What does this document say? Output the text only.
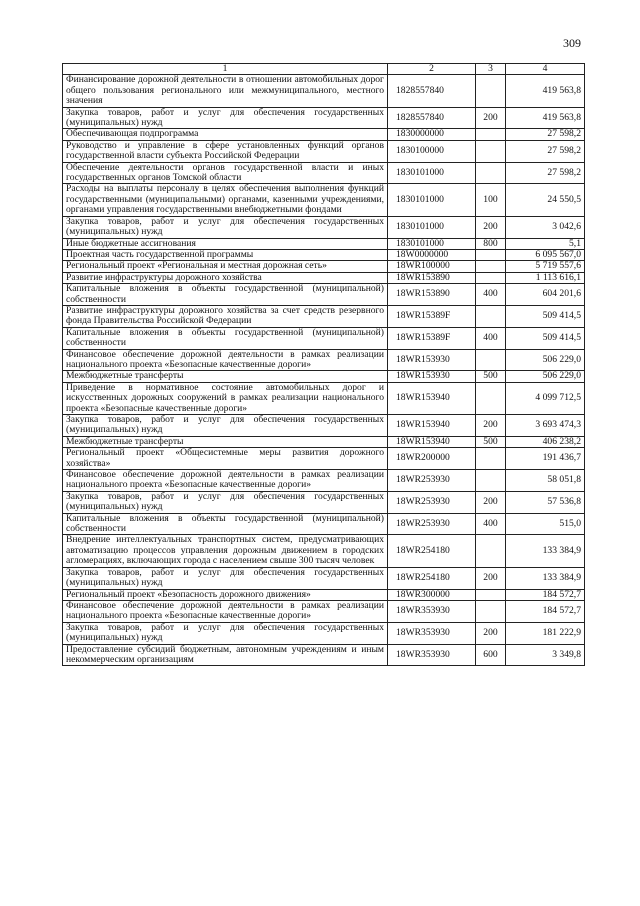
309
1	2	3	4
Финансирование дорожной деятельности в отношении автомобильных дорог общего пользования регионального или межмуниципального, местного значения	1828557840		419 563,8
Закупка товаров, работ и услуг для обеспечения государственных (муниципальных) нужд	1828557840	200	419 563,8
Обеспечивающая подпрограмма	1830000000		27 598,2
Руководство и управление в сфере установленных функций органов государственной власти субъекта Российской Федерации	1830100000		27 598,2
Обеспечение деятельности органов государственной власти и иных государственных органов Томской области	1830101000		27 598,2
Расходы на выплаты персоналу в целях обеспечения выполнения функций государственными (муниципальными) органами, казенными учреждениями, органами управления государственными внебюджетными фондами	1830101000	100	24 550,5
Закупка товаров, работ и услуг для обеспечения государственных (муниципальных) нужд	1830101000	200	3 042,6
Иные бюджетные ассигнования	1830101000	800	5,1
Проектная часть государственной программы	18W0000000		6 095 567,0
Региональный проект «Региональная и местная дорожная сеть»	18WR100000		5 719 557,6
Развитие инфраструктуры дорожного хозяйства	18WR153890		1 113 616,1
Капитальные вложения в объекты государственной (муниципальной) собственности	18WR153890	400	604 201,6
Развитие инфраструктуры дорожного хозяйства за счет средств резервного фонда Правительства Российской Федерации	18WR15389F		509 414,5
Капитальные вложения в объекты государственной (муниципальной) собственности	18WR15389F	400	509 414,5
Финансовое обеспечение дорожной деятельности в рамках реализации национального проекта «Безопасные качественные дороги»	18WR153930		506 229,0
Межбюджетные трансферты	18WR153930	500	506 229,0
Приведение в нормативное состояние автомобильных дорог и искусственных дорожных сооружений в рамках реализации национального проекта «Безопасные качественные дороги»	18WR153940		4 099 712,5
Закупка товаров, работ и услуг для обеспечения государственных (муниципальных) нужд	18WR153940	200	3 693 474,3
Межбюджетные трансферты	18WR153940	500	406 238,2
Региональный проект «Общесистемные меры развития дорожного хозяйства»	18WR200000		191 436,7
Финансовое обеспечение дорожной деятельности в рамках реализации национального проекта «Безопасные качественные дороги»	18WR253930		58 051,8
Закупка товаров, работ и услуг для обеспечения государственных (муниципальных) нужд	18WR253930	200	57 536,8
Капитальные вложения в объекты государственной (муниципальной) собственности	18WR253930	400	515,0
Внедрение интеллектуальных транспортных систем, предусматривающих автоматизацию процессов управления дорожным движением в городских агломерациях, включающих города с населением свыше 300 тысяч человек	18WR254180		133 384,9
Закупка товаров, работ и услуг для обеспечения государственных (муниципальных) нужд	18WR254180	200	133 384,9
Региональный проект «Безопасность дорожного движения»	18WR300000		184 572,7
Финансовое обеспечение дорожной деятельности в рамках реализации национального проекта «Безопасные качественные дороги»	18WR353930		184 572,7
Закупка товаров, работ и услуг для обеспечения государственных (муниципальных) нужд	18WR353930	200	181 222,9
Предоставление субсидий бюджетным, автономным учреждениям и иным некоммерческим организациям	18WR353930	600	3 349,8
